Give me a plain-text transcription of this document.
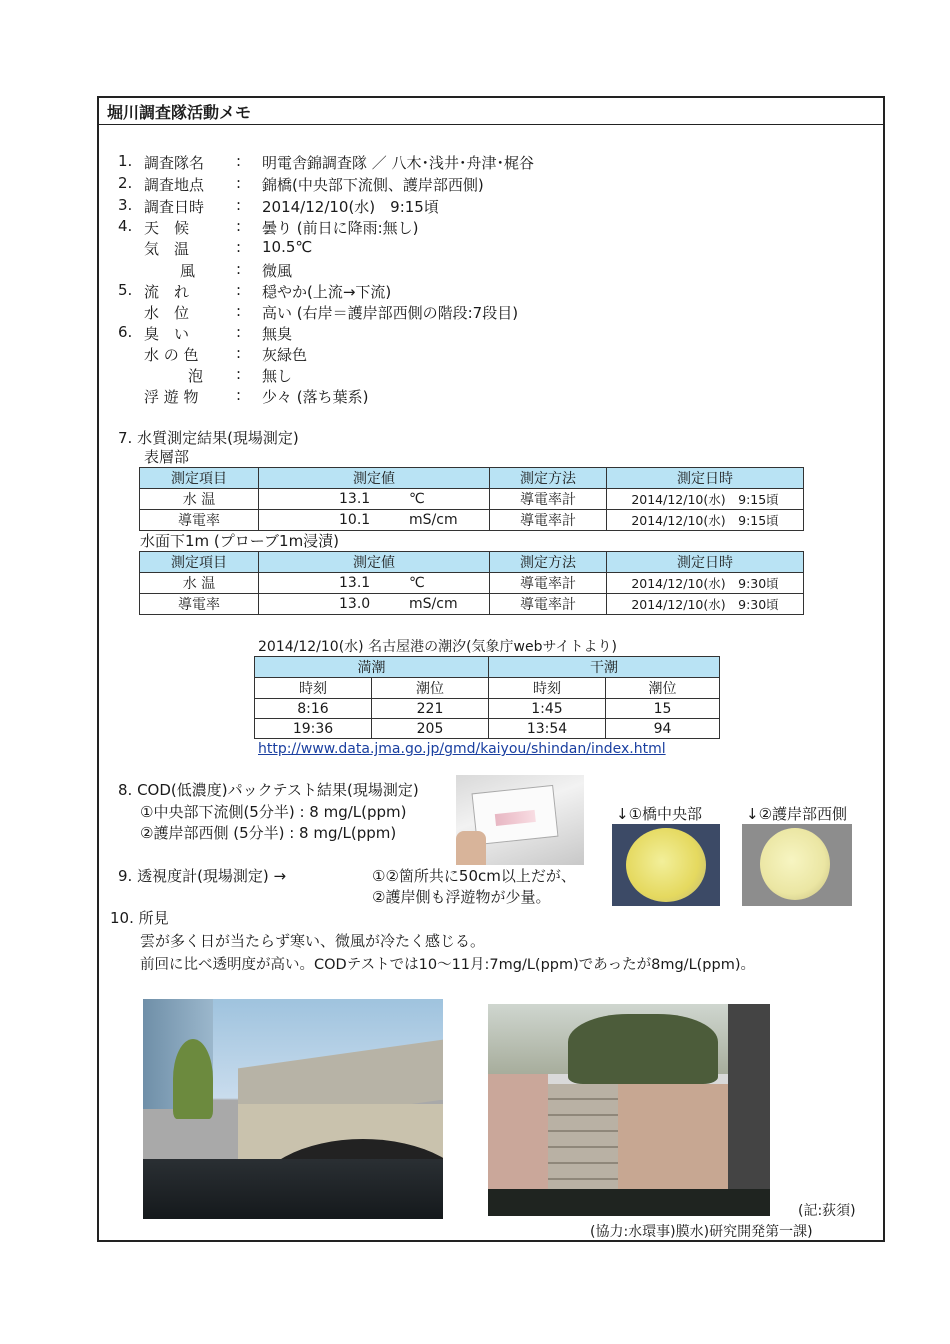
堀川調査隊活動メモ
1. 調査隊名 : 明電舎錦調査隊 ／ 八木･浅井･舟津･梶谷
2. 調査地点 : 錦橋(中央部下流側、護岸部西側)
3. 調査日時 : 2014/12/10(水)　9:15頃
4. 天　候	: 曇り (前日に降雨:無し)
気　温	: 10.5℃
風	: 微風
5. 流　れ	: 穏やか(上流→下流)
水　位	: 高い (右岸＝護岸部西側の階段:7段目)
6. 臭　い	: 無臭
水 の 色 : 灰緑色
泡 : 無し
浮 遊 物 : 少々 (落ち葉系)
7. 水質測定結果(現場測定)
表層部
測定項目	測定値	測定方法	測定日時
水 温	13.1 ℃	導電率計	2014/12/10(水)　9:15頃
導電率	10.1 mS/cm	導電率計	2014/12/10(水)　9:15頃
水面下1m (プローブ1m浸漬)
測定項目	測定値	測定方法	測定日時
水 温	13.1 ℃	導電率計	2014/12/10(水)　9:30頃
導電率	13.0 mS/cm	導電率計	2014/12/10(水)　9:30頃
2014/12/10(水) 名古屋港の潮汐(気象庁webサイトより)
満潮		干潮	
時刻	潮位	時刻	潮位
8:16	221	1:45	15
19:36	205	13:54	94
http://www.data.jma.go.jp/gmd/kaiyou/shindan/index.html
8. COD(低濃度)パックテスト結果(現場測定)
①中央部下流側(5分半) : 8 mg/L(ppm)
②護岸部西側 (5分半) : 8 mg/L(ppm)
↓①橋中央部	↓②護岸部西側
9. 透視度計(現場測定) →	①②箇所共に50cm以上だが、
②護岸側も浮遊物が少量。
10. 所見
雲が多く日が当たらず寒い、微風が冷たく感じる。
前回に比べ透明度が高い。CODテストでは10～11月:7mg/L(ppm)であったが8mg/L(ppm)。
(記:荻須)
(協力:水環事)膜水)研究開発第一課)
